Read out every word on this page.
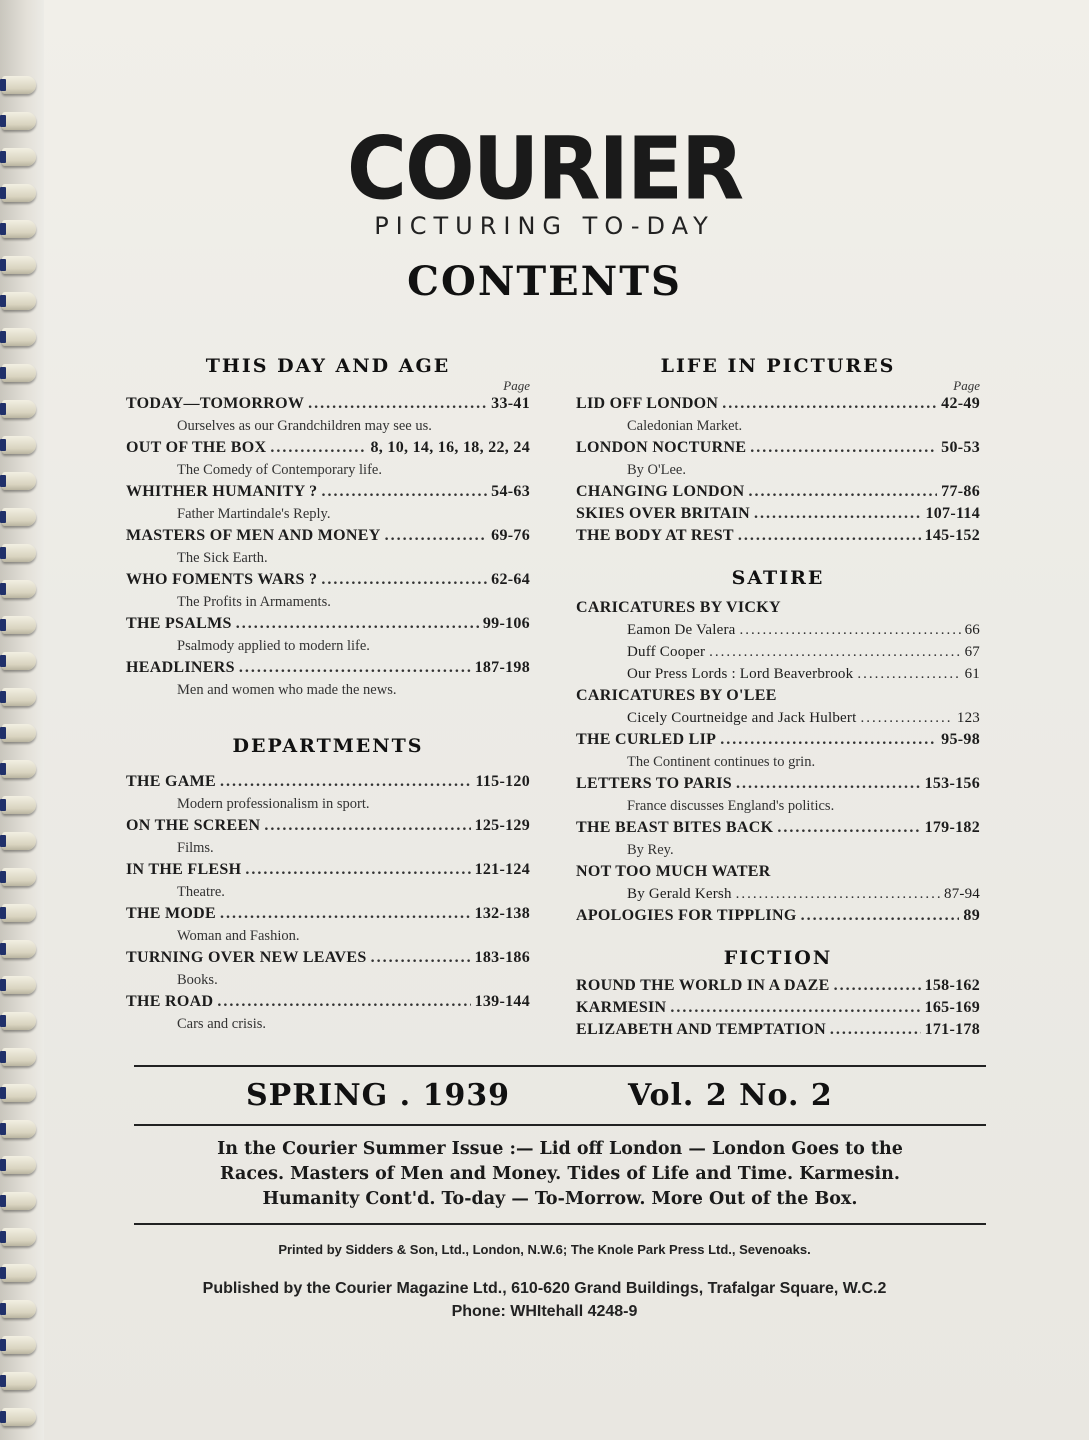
COURIER
PICTURING TO-DAY
CONTENTS
THIS DAY AND AGE
Page
TODAY—TOMORROW .....	33-41
Ourselves as our Grandchildren may see us.
OUT OF THE BOX .....	8, 10, 14, 16, 18, 22, 24
The Comedy of Contemporary life.
WHITHER HUMANITY ? .....	54-63
Father Martindale's Reply.
MASTERS OF MEN AND MONEY .....	69-76
The Sick Earth.
WHO FOMENTS WARS ? .....	62-64
The Profits in Armaments.
THE PSALMS .....	99-106
Psalmody applied to modern life.
HEADLINERS .....	187-198
Men and women who made the news.
DEPARTMENTS
THE GAME .....	115-120
Modern professionalism in sport.
ON THE SCREEN .....	125-129
Films.
IN THE FLESH .....	121-124
Theatre.
THE MODE .....	132-138
Woman and Fashion.
TURNING OVER NEW LEAVES .....	183-186
Books.
THE ROAD .....	139-144
Cars and crisis.
LIFE IN PICTURES
Page
LID OFF LONDON .....	42-49
Caledonian Market.
LONDON NOCTURNE .....	50-53
By O'Lee.
CHANGING LONDON .....	77-86
SKIES OVER BRITAIN .....	107-114
THE BODY AT REST .....	145-152
SATIRE
CARICATURES BY VICKY
Eamon De Valera .....	66
Duff Cooper .....	67
Our Press Lords : Lord Beaverbrook .....	61
CARICATURES BY O'LEE
Cicely Courtneidge and Jack Hulbert .....	123
THE CURLED LIP .....	95-98
The Continent continues to grin.
LETTERS TO PARIS .....	153-156
France discusses England's politics.
THE BEAST BITES BACK .....	179-182
By Rey.
NOT TOO MUCH WATER
By Gerald Kersh .....	87-94
APOLOGIES FOR TIPPLING .....	89
FICTION
ROUND THE WORLD IN A DAZE .....	158-162
KARMESIN .....	165-169
ELIZABETH AND TEMPTATION .....	171-178
SPRING . 1939	Vol. 2 No. 2
In the Courier Summer Issue :— Lid off London — London Goes to the
Races. Masters of Men and Money. Tides of Life and Time. Karmesin.
Humanity Cont'd. To-day — To-Morrow. More Out of the Box.
Printed by Sidders & Son, Ltd., London, N.W.6; The Knole Park Press Ltd., Sevenoaks.
Published by the Courier Magazine Ltd., 610-620 Grand Buildings, Trafalgar Square, W.C.2
Phone: WHItehall 4248-9
